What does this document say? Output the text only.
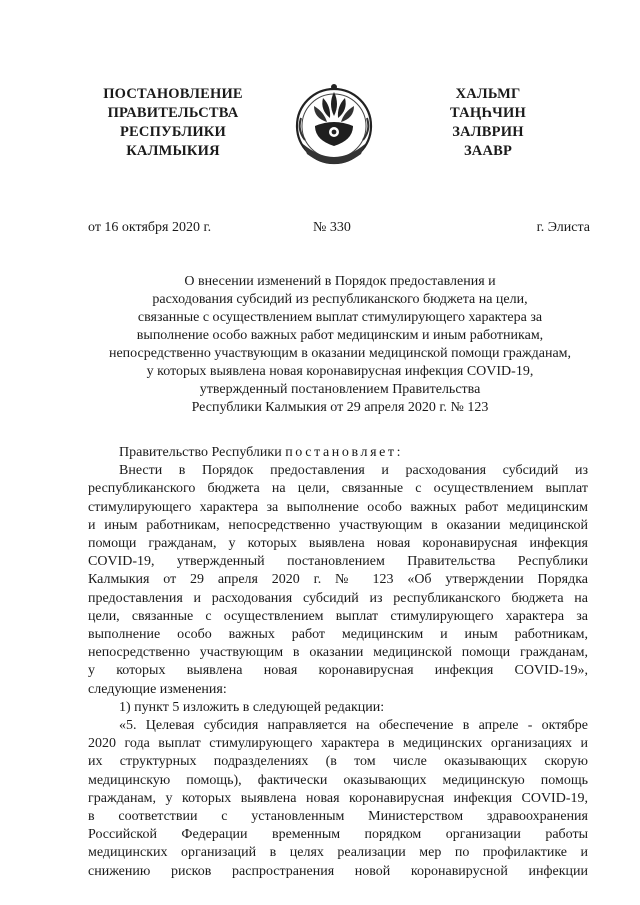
ПОСТАНОВЛЕНИЕ
ПРАВИТЕЛЬСТВА
РЕСПУБЛИКИ
КАЛМЫКИЯ
ХАЛЬМГ
ТАҢҺЧИН
ЗАЛВРИН
ЗААВР
от 16 октября 2020 г.	№ 330	г. Элиста
О внесении изменений в Порядок предоставления и
расходования субсидий из республиканского бюджета на цели,
связанные с осуществлением выплат стимулирующего характера за
выполнение особо важных работ медицинским и иным работникам,
непосредственно участвующим в оказании медицинской помощи гражданам,
у которых выявлена новая коронавирусная инфекция COVID-19,
утвержденный постановлением Правительства
Республики Калмыкия от 29 апреля 2020 г. № 123
Правительство Республики постановляет:
Внести в Порядок предоставления и расходования субсидий из
республиканского бюджета на цели, связанные с осуществлением выплат
стимулирующего характера за выполнение особо важных работ медицинским
и иным работникам, непосредственно участвующим в оказании медицинской
помощи гражданам, у которых выявлена новая коронавирусная инфекция
COVID-19, утвержденный постановлением Правительства Республики
Калмыкия от 29 апреля 2020 г. № 123 «Об утверждении Порядка
предоставления и расходования субсидий из республиканского бюджета на
цели, связанные с осуществлением выплат стимулирующего характера за
выполнение особо важных работ медицинским и иным работникам,
непосредственно участвующим в оказании медицинской помощи гражданам,
у которых выявлена новая коронавирусная инфекция COVID-19»,
следующие изменения:
1) пункт 5 изложить в следующей редакции:
«5. Целевая субсидия направляется на обеспечение в апреле - октябре
2020 года выплат стимулирующего характера в медицинских организациях и
их структурных подразделениях (в том числе оказывающих скорую
медицинскую помощь), фактически оказывающих медицинскую помощь
гражданам, у которых выявлена новая коронавирусная инфекция COVID-19,
в соответствии с установленным Министерством здравоохранения
Российской Федерации временным порядком организации работы
медицинских организаций в целях реализации мер по профилактике и
снижению рисков распространения новой коронавирусной инфекции
